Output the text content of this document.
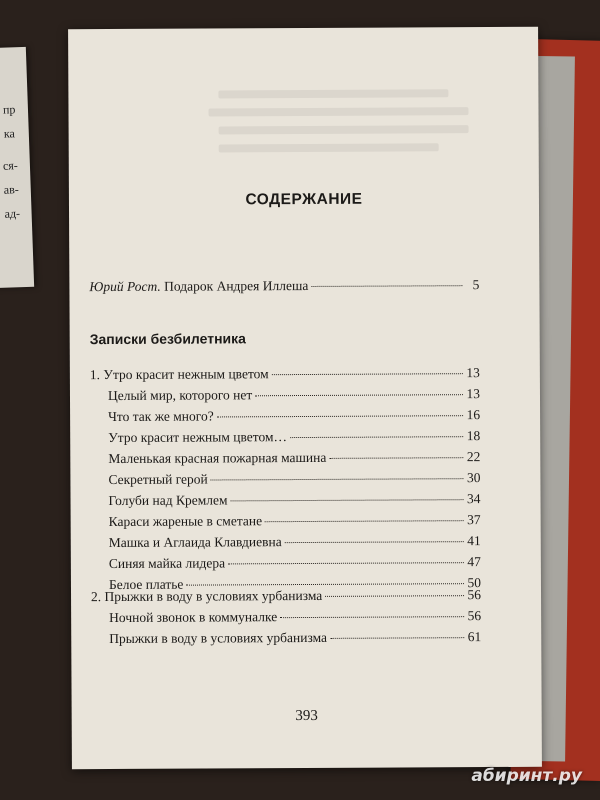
пр
ка
ся-
ав-
ад-
СОДЕРЖАНИЕ
Юрий Рост. Подарок Андрея Иллеша	5
Записки безбилетника
1. Утро красит нежным цветом	13
Целый мир, которого нет	13
Что так же много?	16
Утро красит нежным цветом…	18
Маленькая красная пожарная машина	22
Секретный герой	30
Голуби над Кремлем	34
Караси жареные в сметане	37
Машка и Аглаида Клавдиевна	41
Синяя майка лидера	47
Белое платье	50
2. Прыжки в воду в условиях урбанизма	56
Ночной звонок в коммуналке	56
Прыжки в воду в условиях урбанизма	61
393
абиринт.ру
